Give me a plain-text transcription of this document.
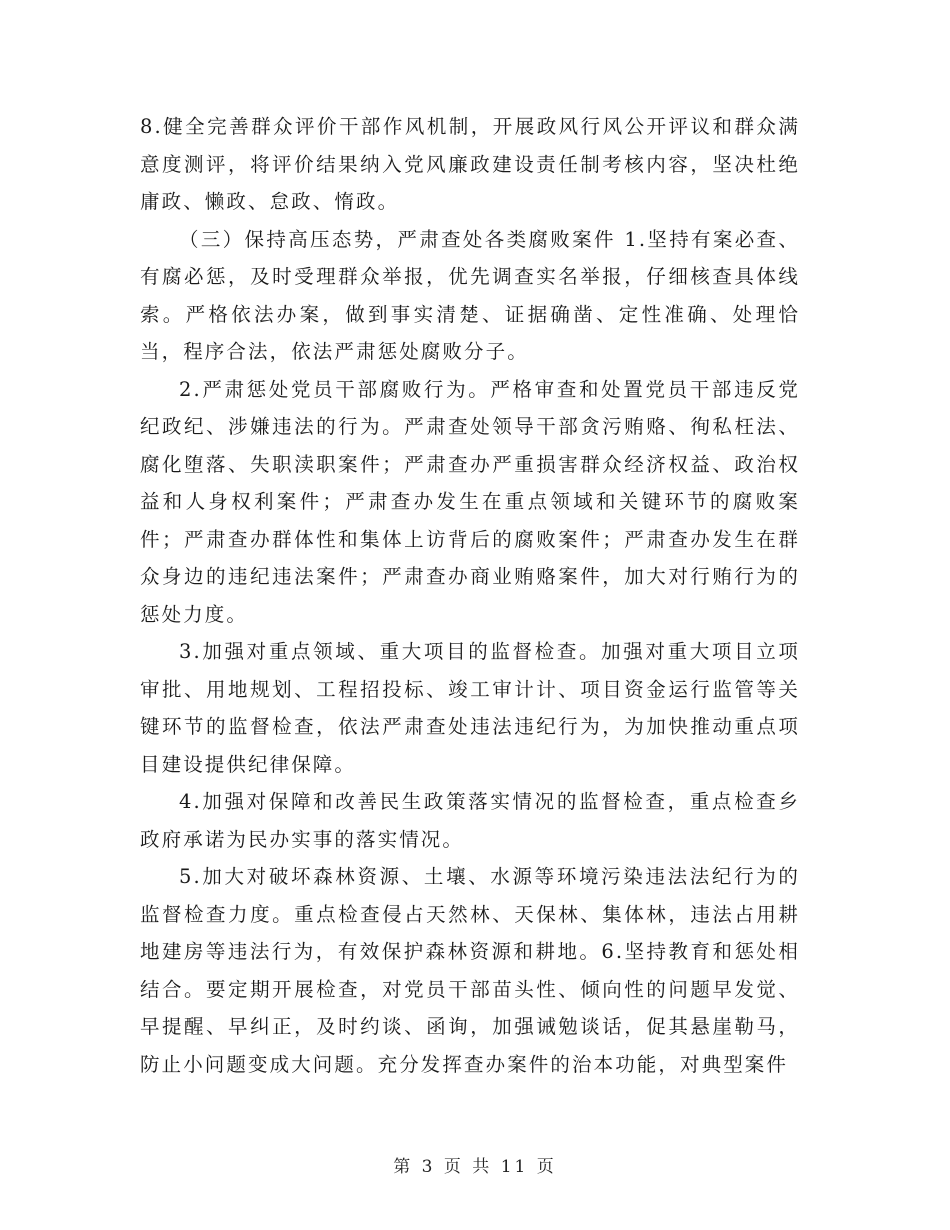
8.健全完善群众评价干部作风机制，开展政风行风公开评议和群众满意度测评，将评价结果纳入党风廉政建设责任制考核内容，坚决杜绝庸政、懒政、怠政、惰政。

（三）保持高压态势，严肃查处各类腐败案件 1.坚持有案必查、有腐必惩，及时受理群众举报，优先调查实名举报，仔细核查具体线索。严格依法办案，做到事实清楚、证据确凿、定性准确、处理恰当，程序合法，依法严肃惩处腐败分子。

2.严肃惩处党员干部腐败行为。严格审查和处置党员干部违反党纪政纪、涉嫌违法的行为。严肃查处领导干部贪污贿赂、徇私枉法、腐化堕落、失职渎职案件；严肃查办严重损害群众经济权益、政治权益和人身权利案件；严肃查办发生在重点领域和关键环节的腐败案件；严肃查办群体性和集体上访背后的腐败案件；严肃查办发生在群众身边的违纪违法案件；严肃查办商业贿赂案件，加大对行贿行为的惩处力度。

3.加强对重点领域、重大项目的监督检查。加强对重大项目立项审批、用地规划、工程招投标、竣工审计计、项目资金运行监管等关键环节的监督检查，依法严肃查处违法违纪行为，为加快推动重点项目建设提供纪律保障。

4.加强对保障和改善民生政策落实情况的监督检查，重点检查乡政府承诺为民办实事的落实情况。

5.加大对破坏森林资源、土壤、水源等环境污染违法法纪行为的监督检查力度。重点检查侵占天然林、天保林、集体林，违法占用耕地建房等违法行为，有效保护森林资源和耕地。6.坚持教育和惩处相结合。要定期开展检查，对党员干部苗头性、倾向性的问题早发觉、早提醒、早纠正，及时约谈、函询，加强诫勉谈话，促其悬崖勒马，防止小问题变成大问题。充分发挥查办案件的治本功能，对典型案件

第 3 页 共 11 页
